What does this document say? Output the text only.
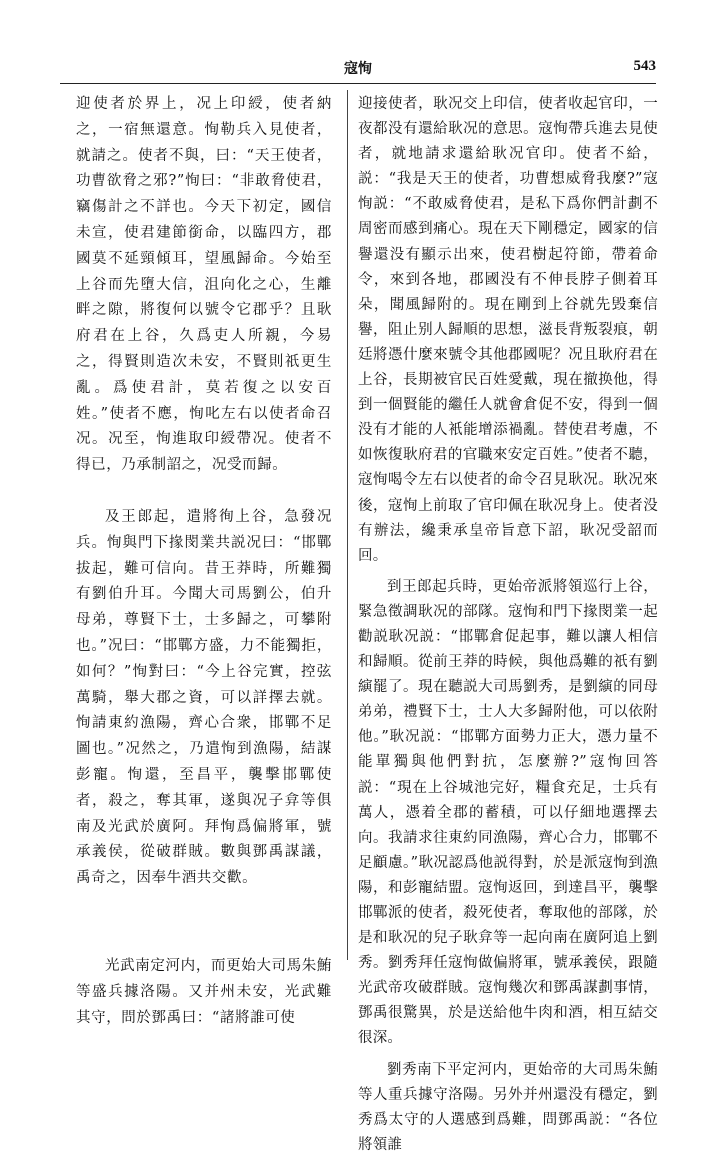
寇恂	543

迎使者於界上，况上印綬，使者納之，一宿無還意。恂勒兵入見使者，就請之。使者不與，曰：“天王使者，功曹欲脅之邪?”恂曰：“非敢脅使君，竊傷計之不詳也。今天下初定，國信未宣，使君建節銜命，以臨四方，郡國莫不延頸傾耳，望風歸命。今始至上谷而先墮大信，沮向化之心，生離畔之隙，將復何以號令它郡乎？且耿府君在上谷，久爲吏人所親，今易之，得賢則造次未安，不賢則祇更生亂。爲使君計，莫若復之以安百姓。”使者不應，恂叱左右以使者命召况。况至，恂進取印綬帶况。使者不得已，乃承制詔之，况受而歸。

及王郎起，遣將徇上谷，急發况兵。恂與門下掾閔業共説况曰：“邯鄲拔起，難可信向。昔王莽時，所難獨有劉伯升耳。今聞大司馬劉公，伯升母弟，尊賢下士，士多歸之，可攀附也。”况曰：“邯鄲方盛，力不能獨拒，如何？”恂對曰：“今上谷完實，控弦萬騎，舉大郡之資，可以詳擇去就。恂請東約漁陽，齊心合衆，邯鄲不足圖也。”况然之，乃遣恂到漁陽，結謀彭寵。恂還，至昌平，襲擊邯鄲使者，殺之，奪其軍，遂與况子弇等俱南及光武於廣阿。拜恂爲偏將軍，號承義侯，從破群賊。數與鄧禹謀議，禹奇之，因奉牛酒共交歡。

光武南定河内，而更始大司馬朱鮪等盛兵據洛陽。又并州未安，光武難其守，問於鄧禹曰：“諸將誰可使

迎接使者，耿况交上印信，使者收起官印，一夜都没有還給耿况的意思。寇恂帶兵進去見使者，就地請求還給耿况官印。使者不給，説：“我是天王的使者，功曹想威脅我麼?”寇恂説：“不敢威脅使君，是私下爲你們計劃不周密而感到痛心。現在天下剛穩定，國家的信譽還没有顯示出來，使君樹起符節，帶着命令，來到各地，郡國没有不伸長脖子側着耳朵，聞風歸附的。現在剛到上谷就先毁棄信譽，阻止别人歸順的思想，滋長背叛裂痕，朝廷將憑什麼來號令其他郡國呢？况且耿府君在上谷，長期被官民百姓愛戴，現在撤换他，得到一個賢能的繼任人就會倉促不安，得到一個没有才能的人衹能增添禍亂。替使君考慮，不如恢復耿府君的官職來安定百姓。”使者不聽，寇恂喝令左右以使者的命令召見耿况。耿况來後，寇恂上前取了官印佩在耿况身上。使者没有辦法，纔秉承皇帝旨意下詔，耿况受韶而回。

到王郎起兵時，更始帝派將領巡行上谷，緊急徵調耿况的部隊。寇恂和門下掾閔業一起勸説耿况説：“邯鄲倉促起事，難以讓人相信和歸順。從前王莽的時候，與他爲難的祇有劉縯罷了。現在聽説大司馬劉秀，是劉縯的同母弟弟，禮賢下士，士人大多歸附他，可以依附他。”耿况説：“邯鄲方面勢力正大，憑力量不能單獨與他們對抗，怎麼辦?”寇恂回答説：“現在上谷城池完好，糧食充足，士兵有萬人，憑着全郡的蓄積，可以仔細地選擇去向。我請求往東約同漁陽，齊心合力，邯鄲不足顧慮。”耿况認爲他説得對，於是派寇恂到漁陽，和彭寵結盟。寇恂返回，到達昌平，襲擊邯鄲派的使者，殺死使者，奪取他的部隊，於是和耿况的兒子耿弇等一起向南在廣阿追上劉秀。劉秀拜任寇恂做偏將軍，號承義侯，跟隨光武帝攻破群賊。寇恂幾次和鄧禹謀劃事情，鄧禹很驚異，於是送給他牛肉和酒，相互結交很深。

劉秀南下平定河内，更始帝的大司馬朱鮪等人重兵據守洛陽。另外并州還没有穩定，劉秀爲太守的人選感到爲難，問鄧禹説：“各位將領誰
